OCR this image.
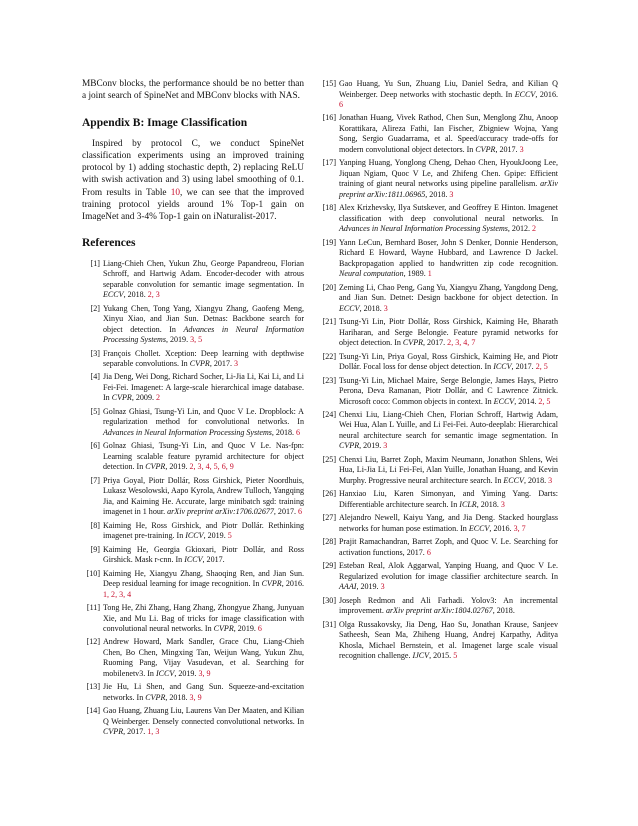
MBConv blocks, the performance should be no better than a joint search of SpineNet and MBConv blocks with NAS.

Appendix B: Image Classification

Inspired by protocol C, we conduct SpineNet classification experiments using an improved training protocol by 1) adding stochastic depth, 2) replacing ReLU with swish activation and 3) using label smoothing of 0.1. From results in Table 10, we can see that the improved training protocol yields around 1% Top-1 gain on ImageNet and 3-4% Top-1 gain on iNaturalist-2017.

References
[1] Liang-Chieh Chen, Yukun Zhu, George Papandreou, Florian Schroff, and Hartwig Adam. Encoder-decoder with atrous separable convolution for semantic image segmentation. In ECCV, 2018. 2, 3
[2] Yukang Chen, Tong Yang, Xiangyu Zhang, Gaofeng Meng, Xinyu Xiao, and Jian Sun. Detnas: Backbone search for object detection. In Advances in Neural Information Processing Systems, 2019. 3, 5
[3] François Chollet. Xception: Deep learning with depthwise separable convolutions. In CVPR, 2017. 3
[4] Jia Deng, Wei Dong, Richard Socher, Li-Jia Li, Kai Li, and Li Fei-Fei. Imagenet: A large-scale hierarchical image database. In CVPR, 2009. 2
[5] Golnaz Ghiasi, Tsung-Yi Lin, and Quoc V Le. Dropblock: A regularization method for convolutional networks. In Advances in Neural Information Processing Systems, 2018. 6
[6] Golnaz Ghiasi, Tsung-Yi Lin, and Quoc V Le. Nas-fpn: Learning scalable feature pyramid architecture for object detection. In CVPR, 2019. 2, 3, 4, 5, 6, 9
[7] Priya Goyal, Piotr Dollár, Ross Girshick, Pieter Noordhuis, Lukasz Wesolowski, Aapo Kyrola, Andrew Tulloch, Yangqing Jia, and Kaiming He. Accurate, large minibatch sgd: training imagenet in 1 hour. arXiv preprint arXiv:1706.02677, 2017. 6
[8] Kaiming He, Ross Girshick, and Piotr Dollár. Rethinking imagenet pre-training. In ICCV, 2019. 5
[9] Kaiming He, Georgia Gkioxari, Piotr Dollár, and Ross Girshick. Mask r-cnn. In ICCV, 2017.
[10] Kaiming He, Xiangyu Zhang, Shaoqing Ren, and Jian Sun. Deep residual learning for image recognition. In CVPR, 2016. 1, 2, 3, 4
[11] Tong He, Zhi Zhang, Hang Zhang, Zhongyue Zhang, Junyuan Xie, and Mu Li. Bag of tricks for image classification with convolutional neural networks. In CVPR, 2019. 6
[12] Andrew Howard, Mark Sandler, Grace Chu, Liang-Chieh Chen, Bo Chen, Mingxing Tan, Weijun Wang, Yukun Zhu, Ruoming Pang, Vijay Vasudevan, et al. Searching for mobilenetv3. In ICCV, 2019. 3, 9
[13] Jie Hu, Li Shen, and Gang Sun. Squeeze-and-excitation networks. In CVPR, 2018. 3, 9
[14] Gao Huang, Zhuang Liu, Laurens Van Der Maaten, and Kilian Q Weinberger. Densely connected convolutional networks. In CVPR, 2017. 1, 3
[15] Gao Huang, Yu Sun, Zhuang Liu, Daniel Sedra, and Kilian Q Weinberger. Deep networks with stochastic depth. In ECCV, 2016. 6
[16] Jonathan Huang, Vivek Rathod, Chen Sun, Menglong Zhu, Anoop Korattikara, Alireza Fathi, Ian Fischer, Zbigniew Wojna, Yang Song, Sergio Guadarrama, et al. Speed/accuracy trade-offs for modern convolutional object detectors. In CVPR, 2017. 3
[17] Yanping Huang, Yonglong Cheng, Dehao Chen, HyoukJoong Lee, Jiquan Ngiam, Quoc V Le, and Zhifeng Chen. Gpipe: Efficient training of giant neural networks using pipeline parallelism. arXiv preprint arXiv:1811.06965, 2018. 3
[18] Alex Krizhevsky, Ilya Sutskever, and Geoffrey E Hinton. Imagenet classification with deep convolutional neural networks. In Advances in Neural Information Processing Systems, 2012. 2
[19] Yann LeCun, Bernhard Boser, John S Denker, Donnie Henderson, Richard E Howard, Wayne Hubbard, and Lawrence D Jackel. Backpropagation applied to handwritten zip code recognition. Neural computation, 1989. 1
[20] Zeming Li, Chao Peng, Gang Yu, Xiangyu Zhang, Yangdong Deng, and Jian Sun. Detnet: Design backbone for object detection. In ECCV, 2018. 3
[21] Tsung-Yi Lin, Piotr Dollár, Ross Girshick, Kaiming He, Bharath Hariharan, and Serge Belongie. Feature pyramid networks for object detection. In CVPR, 2017. 2, 3, 4, 7
[22] Tsung-Yi Lin, Priya Goyal, Ross Girshick, Kaiming He, and Piotr Dollár. Focal loss for dense object detection. In ICCV, 2017. 2, 5
[23] Tsung-Yi Lin, Michael Maire, Serge Belongie, James Hays, Pietro Perona, Deva Ramanan, Piotr Dollár, and C Lawrence Zitnick. Microsoft coco: Common objects in context. In ECCV, 2014. 2, 5
[24] Chenxi Liu, Liang-Chieh Chen, Florian Schroff, Hartwig Adam, Wei Hua, Alan L Yuille, and Li Fei-Fei. Auto-deeplab: Hierarchical neural architecture search for semantic image segmentation. In CVPR, 2019. 3
[25] Chenxi Liu, Barret Zoph, Maxim Neumann, Jonathon Shlens, Wei Hua, Li-Jia Li, Li Fei-Fei, Alan Yuille, Jonathan Huang, and Kevin Murphy. Progressive neural architecture search. In ECCV, 2018. 3
[26] Hanxiao Liu, Karen Simonyan, and Yiming Yang. Darts: Differentiable architecture search. In ICLR, 2018. 3
[27] Alejandro Newell, Kaiyu Yang, and Jia Deng. Stacked hourglass networks for human pose estimation. In ECCV, 2016. 3, 7
[28] Prajit Ramachandran, Barret Zoph, and Quoc V. Le. Searching for activation functions, 2017. 6
[29] Esteban Real, Alok Aggarwal, Yanping Huang, and Quoc V Le. Regularized evolution for image classifier architecture search. In AAAI, 2019. 3
[30] Joseph Redmon and Ali Farhadi. Yolov3: An incremental improvement. arXiv preprint arXiv:1804.02767, 2018.
[31] Olga Russakovsky, Jia Deng, Hao Su, Jonathan Krause, Sanjeev Satheesh, Sean Ma, Zhiheng Huang, Andrej Karpathy, Aditya Khosla, Michael Bernstein, et al. Imagenet large scale visual recognition challenge. IJCV, 2015. 5
